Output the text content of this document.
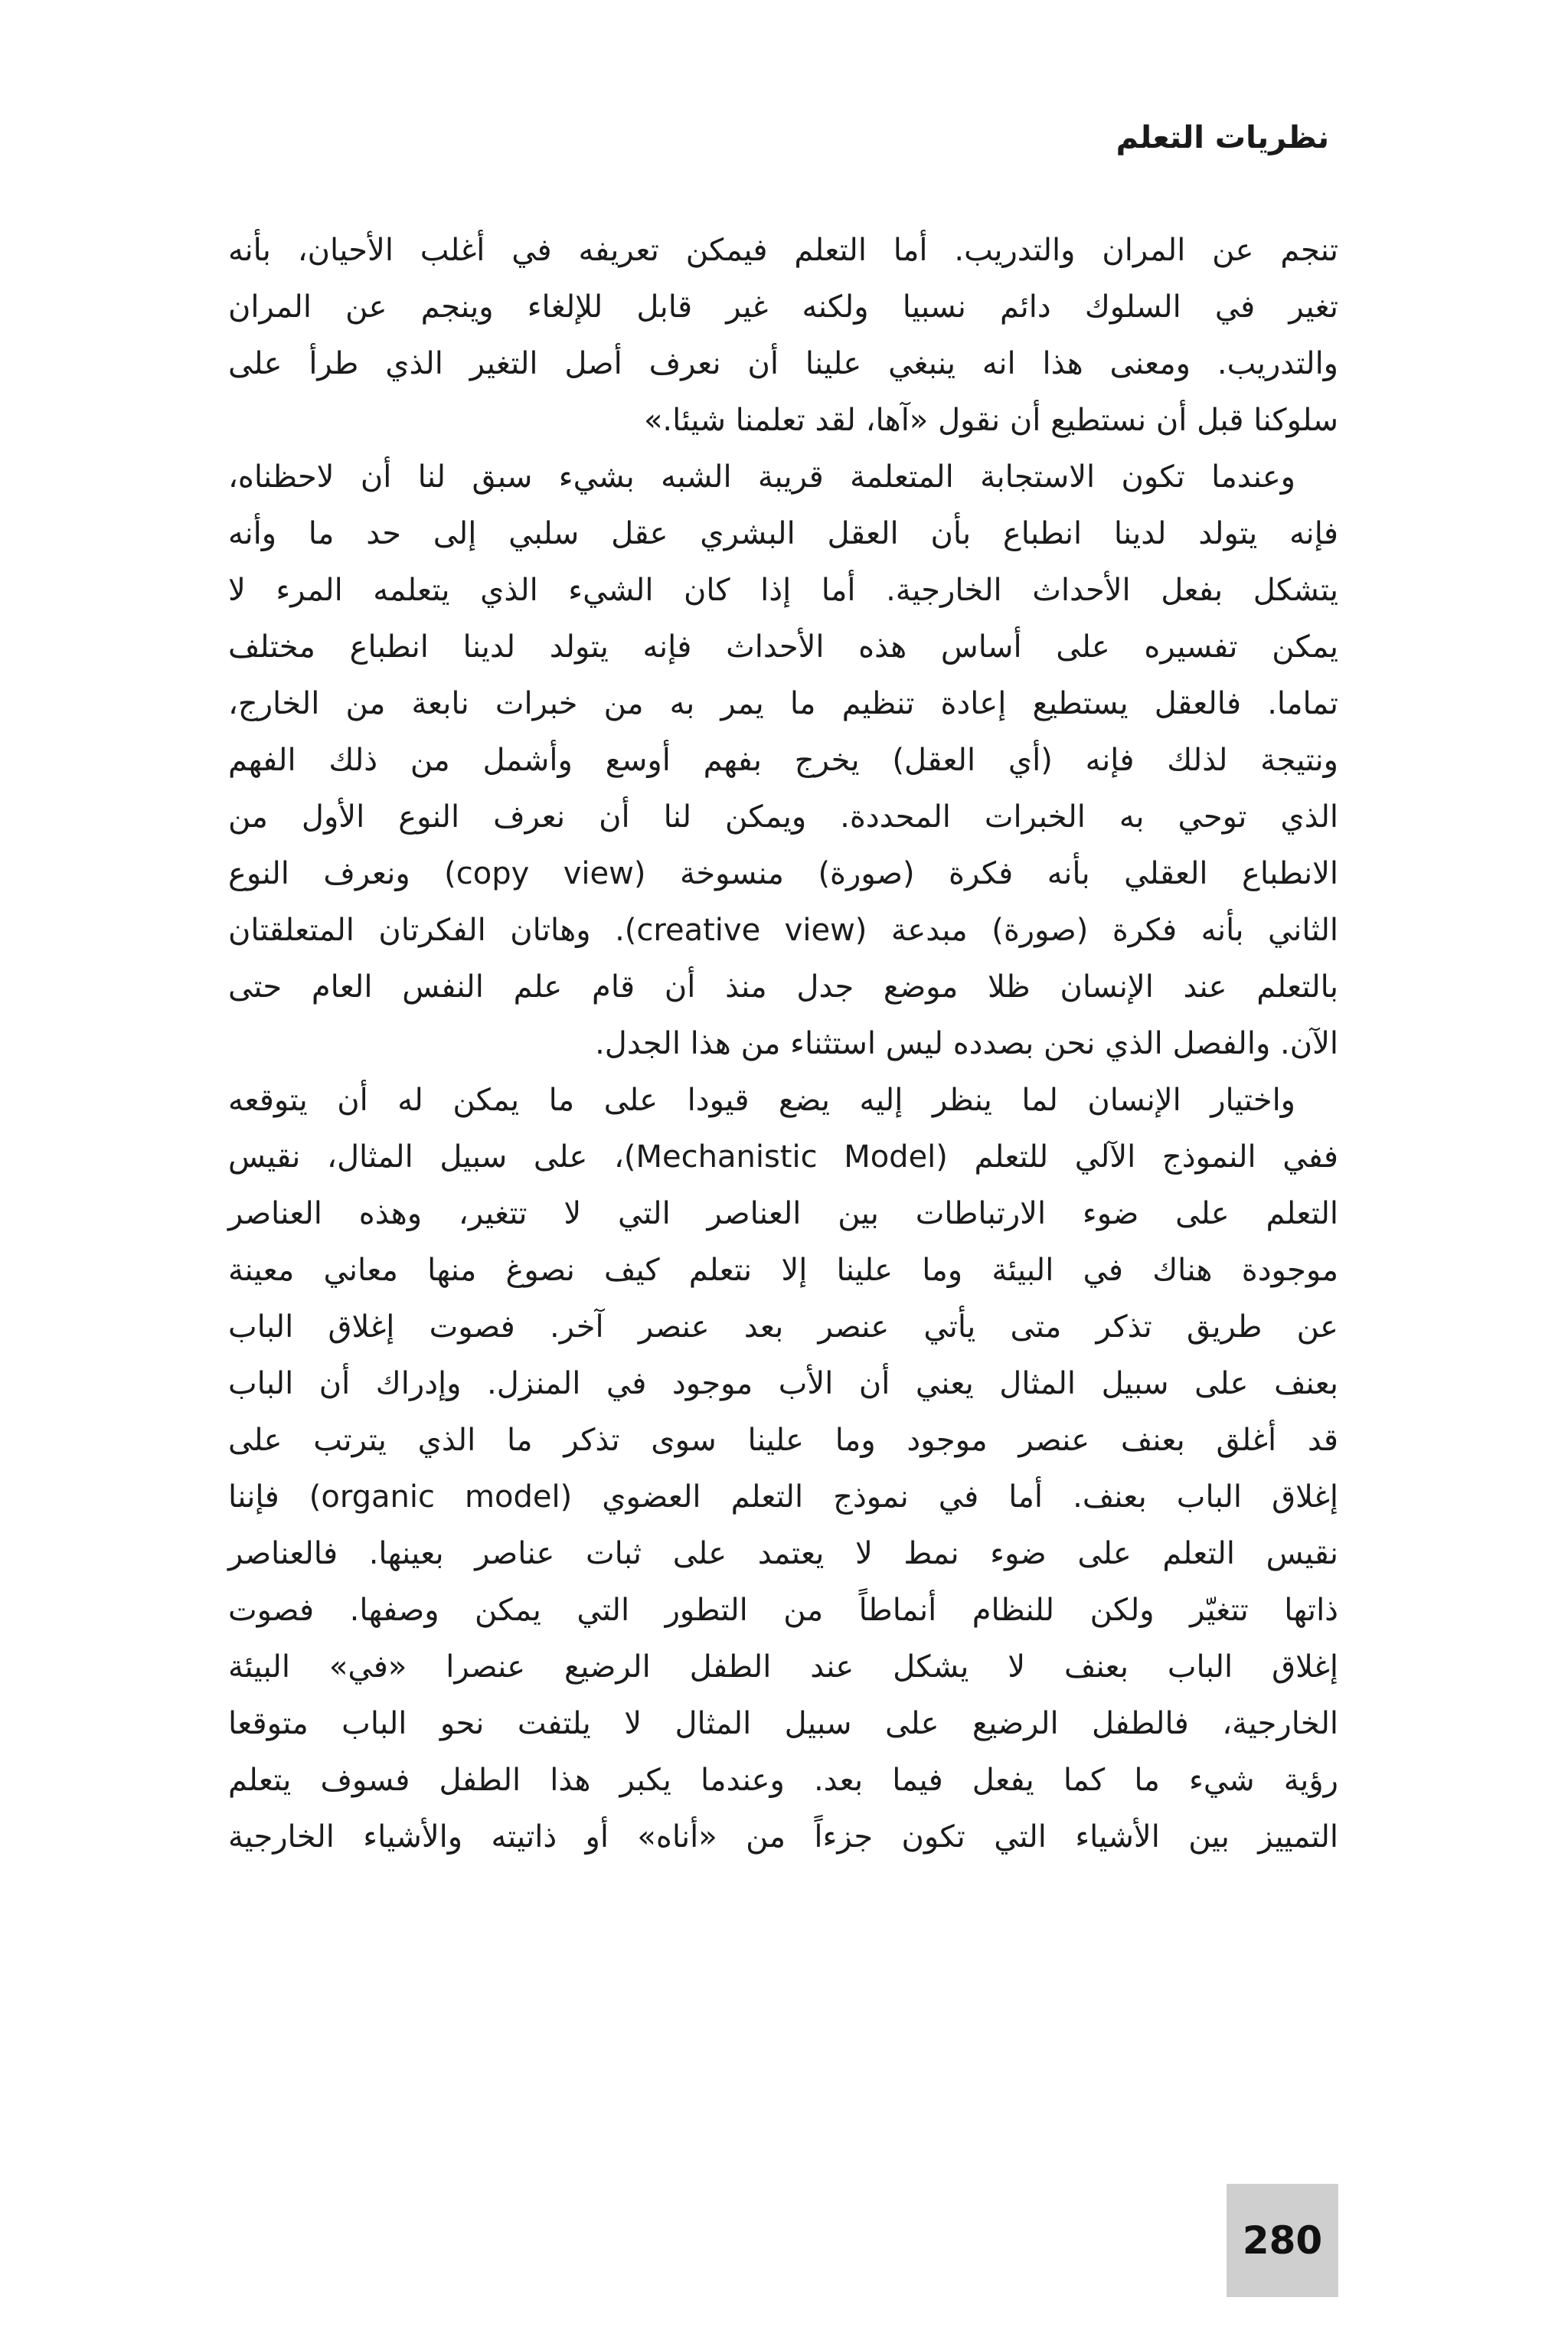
نظريات التعلم
تنجم عن المران والتدريب. أما التعلم فيمكن تعريفه في أغلب الأحيان، بأنه
تغير في السلوك دائم نسبيا ولكنه غير قابل للإلغاء وينجم عن المران
والتدريب. ومعنى هذا انه ينبغي علينا أن نعرف أصل التغير الذي طرأ على
سلوكنا قبل أن نستطيع أن نقول «آها، لقد تعلمنا شيئا.»
وعندما تكون الاستجابة المتعلمة قريبة الشبه بشيء سبق لنا أن لاحظناه،
فإنه يتولد لدينا انطباع بأن العقل البشري عقل سلبي إلى حد ما وأنه
يتشكل بفعل الأحداث الخارجية. أما إذا كان الشيء الذي يتعلمه المرء لا
يمكن تفسيره على أساس هذه الأحداث فإنه يتولد لدينا انطباع مختلف
تماما. فالعقل يستطيع إعادة تنظيم ما يمر به من خبرات نابعة من الخارج،
ونتيجة لذلك فإنه (أي العقل) يخرج بفهم أوسع وأشمل من ذلك الفهم
الذي توحي به الخبرات المحددة. ويمكن لنا أن نعرف النوع الأول من
الانطباع العقلي بأنه فكرة (صورة) منسوخة (copy view) ونعرف النوع
الثاني بأنه فكرة (صورة) مبدعة (creative view). وهاتان الفكرتان المتعلقتان
بالتعلم عند الإنسان ظلا موضع جدل منذ أن قام علم النفس العام حتى
الآن. والفصل الذي نحن بصدده ليس استثناء من هذا الجدل.
واختيار الإنسان لما ينظر إليه يضع قيودا على ما يمكن له أن يتوقعه
ففي النموذج الآلي للتعلم (Mechanistic Model)، على سبيل المثال، نقيس
التعلم على ضوء الارتباطات بين العناصر التي لا تتغير، وهذه العناصر
موجودة هناك في البيئة وما علينا إلا نتعلم كيف نصوغ منها معاني معينة
عن طريق تذكر متى يأتي عنصر بعد عنصر آخر. فصوت إغلاق الباب
بعنف على سبيل المثال يعني أن الأب موجود في المنزل. وإدراك أن الباب
قد أغلق بعنف عنصر موجود وما علينا سوى تذكر ما الذي يترتب على
إغلاق الباب بعنف. أما في نموذج التعلم العضوي (organic model) فإننا
نقيس التعلم على ضوء نمط لا يعتمد على ثبات عناصر بعينها. فالعناصر
ذاتها تتغيّر ولكن للنظام أنماطاً من التطور التي يمكن وصفها. فصوت
إغلاق الباب بعنف لا يشكل عند الطفل الرضيع عنصرا «في» البيئة
الخارجية، فالطفل الرضيع على سبيل المثال لا يلتفت نحو الباب متوقعا
رؤية شيء ما كما يفعل فيما بعد. وعندما يكبر هذا الطفل فسوف يتعلم
التمييز بين الأشياء التي تكون جزءاً من «أناه» أو ذاتيته والأشياء الخارجية
280
